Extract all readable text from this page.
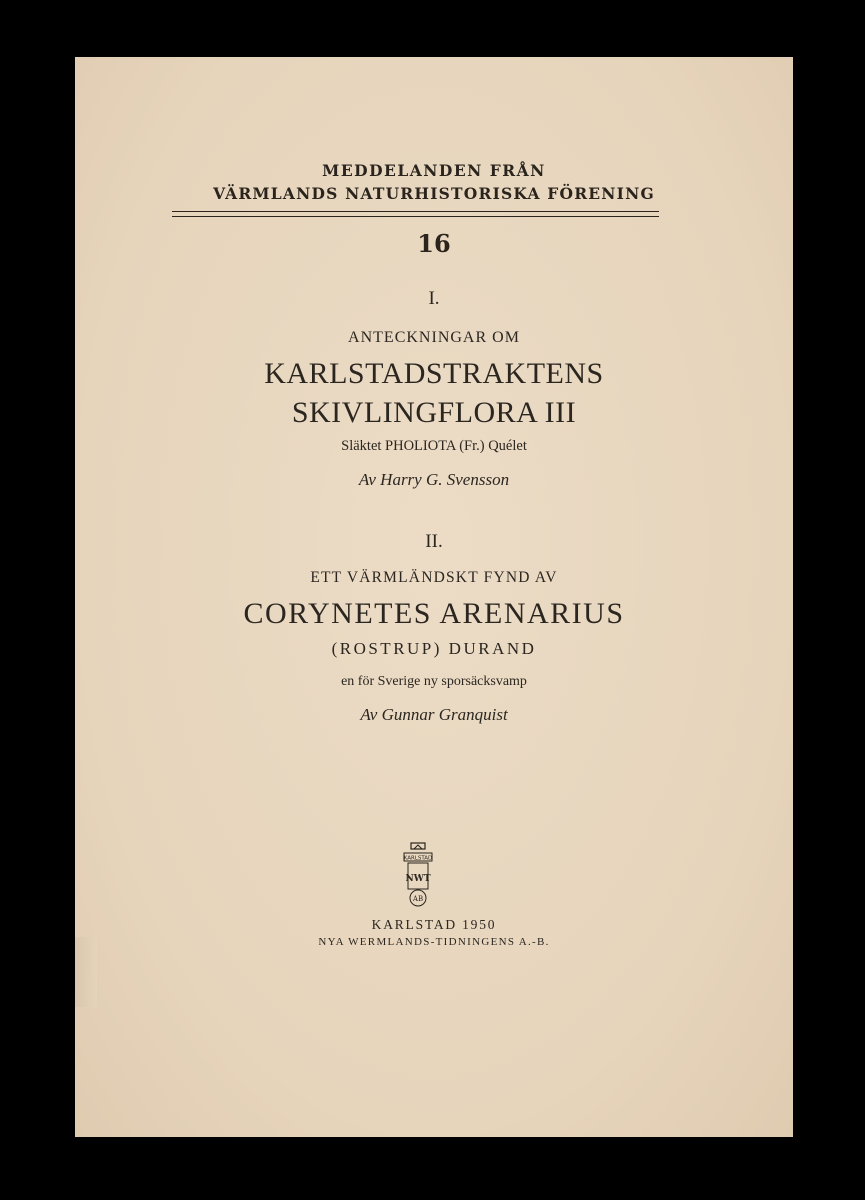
MEDDELANDEN FRÅN
VÄRMLANDS NATURHISTORISKA FÖRENING
16
I.
ANTECKNINGAR OM
KARLSTADSTRAKTENS
SKIVLINGFLORA III
Släktet PHOLIOTA (Fr.) Quélet
Av Harry G. Svensson
II.
ETT VÄRMLÄNDSKT FYND AV
CORYNETES ARENARIUS
(ROSTRUP) DURAND
en för Sverige ny sporsäcksvamp
Av Gunnar Granquist
KARLSTAD
NWT
AB
KARLSTAD 1950
NYA WERMLANDS-TIDNINGENS A.-B.
